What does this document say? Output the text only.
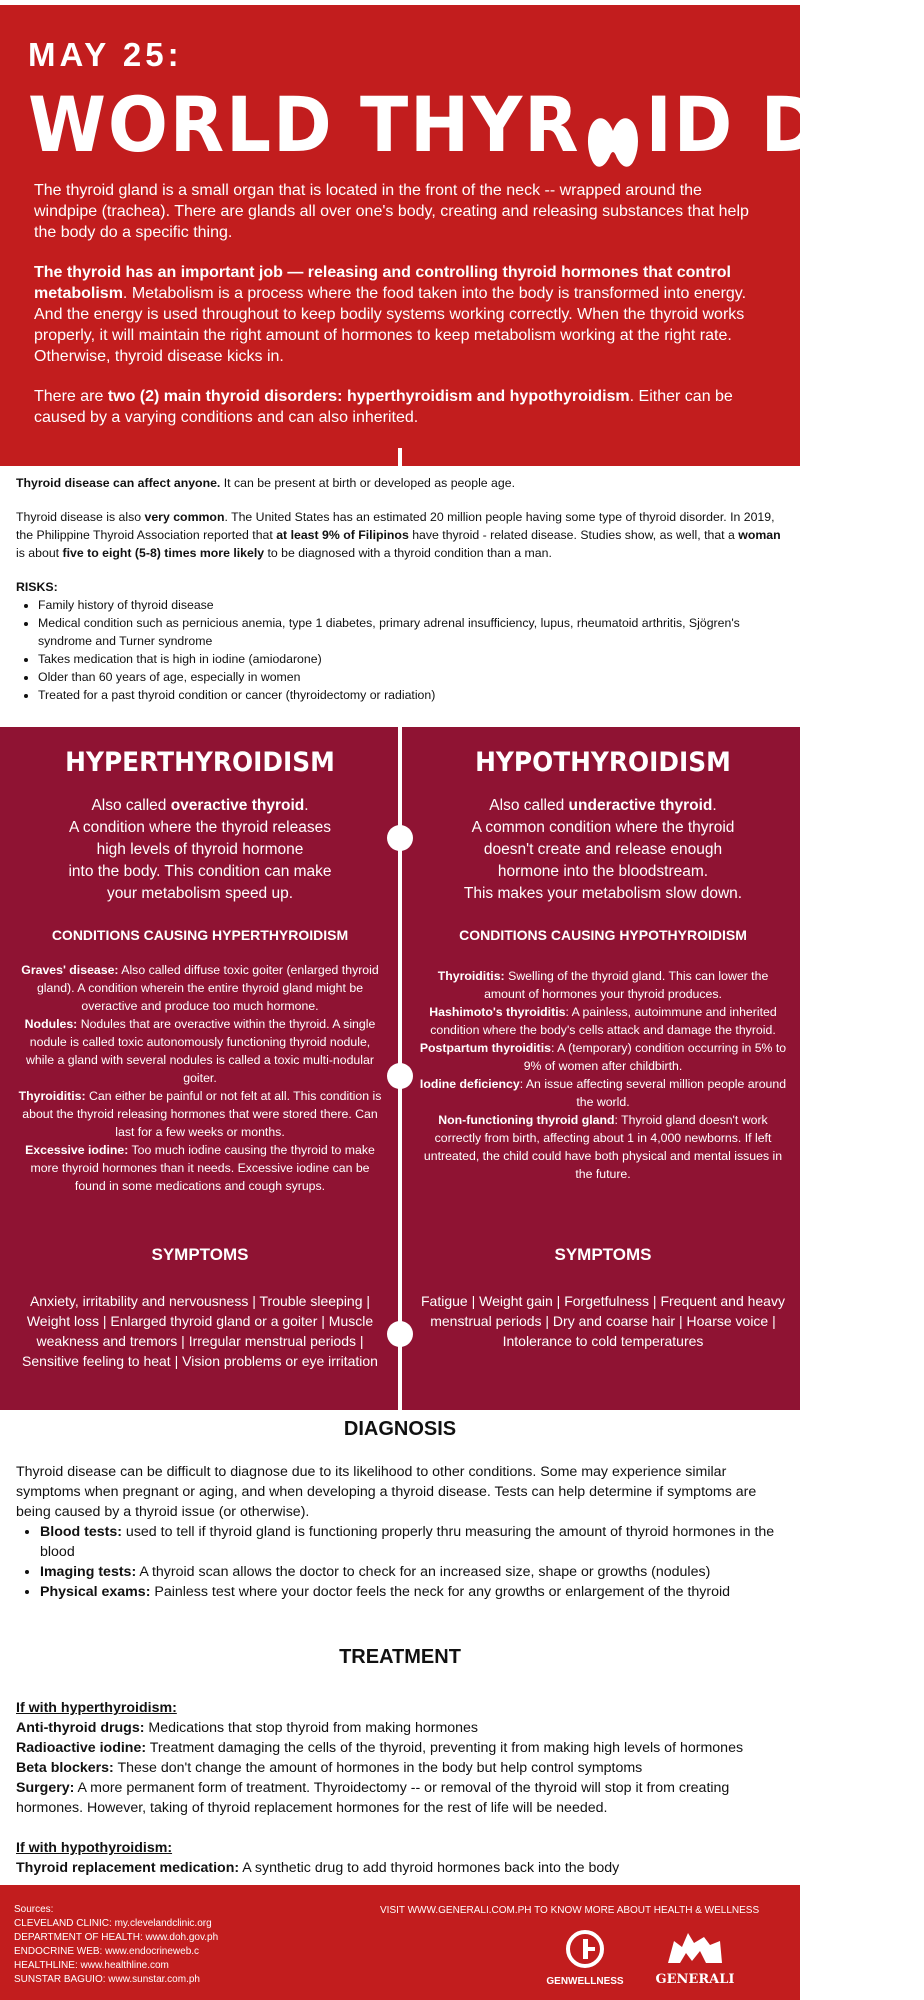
MAY 25:
WORLD THYR ID DAY

The thyroid gland is a small organ that is located in the front of the neck -- wrapped around the windpipe (trachea). There are glands all over one's body, creating and releasing substances that help the body do a specific thing.

The thyroid has an important job — releasing and controlling thyroid hormones that control metabolism. Metabolism is a process where the food taken into the body is transformed into energy. And the energy is used throughout to keep bodily systems working correctly. When the thyroid works properly, it will maintain the right amount of hormones to keep metabolism working at the right rate. Otherwise, thyroid disease kicks in.

There are two (2) main thyroid disorders: hyperthyroidism and hypothyroidism. Either can be caused by a varying conditions and can also inherited.

Thyroid disease can affect anyone. It can be present at birth or developed as people age.

Thyroid disease is also very common. The United States has an estimated 20 million people having some type of thyroid disorder. In 2019, the Philippine Thyroid Association reported that at least 9% of Filipinos have thyroid - related disease. Studies show, as well, that a woman is about five to eight (5-8) times more likely to be diagnosed with a thyroid condition than a man.

RISKS:

• Family history of thyroid disease
• Medical condition such as pernicious anemia, type 1 diabetes, primary adrenal insufficiency, lupus, rheumatoid arthritis, Sjögren's syndrome and Turner syndrome
• Takes medication that is high in iodine (amiodarone)
• Older than 60 years of age, especially in women
• Treated for a past thyroid condition or cancer (thyroidectomy or radiation)
HYPERTHYROIDISM
Also called overactive thyroid.
A condition where the thyroid releases
high levels of thyroid hormone
into the body. This condition can make
your metabolism speed up.
CONDITIONS CAUSING HYPERTHYROIDISM

Graves' disease: Also called diffuse toxic goiter (enlarged thyroid gland). A condition wherein the entire thyroid gland might be overactive and produce too much hormone.

Nodules: Nodules that are overactive within the thyroid. A single nodule is called toxic autonomously functioning thyroid nodule, while a gland with several nodules is called a toxic multi-nodular goiter.

Thyroiditis: Can either be painful or not felt at all. This condition is about the thyroid releasing hormones that were stored there. Can last for a few weeks or months.

Excessive iodine: Too much iodine causing the thyroid to make more thyroid hormones than it needs. Excessive iodine can be found in some medications and cough syrups.

SYMPTOMS
Anxiety, irritability and nervousness | Trouble sleeping | Weight loss | Enlarged thyroid gland or a goiter | Muscle weakness and tremors | Irregular menstrual periods | Sensitive feeling to heat | Vision problems or eye irritation
HYPOTHYROIDISM
Also called underactive thyroid.
A common condition where the thyroid
doesn't create and release enough
hormone into the bloodstream.
This makes your metabolism slow down.
CONDITIONS CAUSING HYPOTHYROIDISM

Thyroiditis: Swelling of the thyroid gland. This can lower the amount of hormones your thyroid produces.

Hashimoto's thyroiditis: A painless, autoimmune and inherited condition where the body's cells attack and damage the thyroid.

Postpartum thyroiditis: A (temporary) condition occurring in 5% to 9% of women after childbirth.

Iodine deficiency: An issue affecting several million people around the world.

Non-functioning thyroid gland: Thyroid gland doesn't work correctly from birth, affecting about 1 in 4,000 newborns. If left untreated, the child could have both physical and mental issues in the future.

SYMPTOMS
Fatigue | Weight gain | Forgetfulness | Frequent and heavy menstrual periods | Dry and coarse hair | Hoarse voice | Intolerance to cold temperatures
DIAGNOSIS

Thyroid disease can be difficult to diagnose due to its likelihood to other conditions. Some may experience similar symptoms when pregnant or aging, and when developing a thyroid disease. Tests can help determine if symptoms are being caused by a thyroid issue (or otherwise).

• Blood tests: used to tell if thyroid gland is functioning properly thru measuring the amount of thyroid hormones in the blood
• Imaging tests: A thyroid scan allows the doctor to check for an increased size, shape or growths (nodules)
• Physical exams: Painless test where your doctor feels the neck for any growths or enlargement of the thyroid
TREATMENT

If with hyperthyroidism:

Anti-thyroid drugs: Medications that stop thyroid from making hormones

Radioactive iodine: Treatment damaging the cells of the thyroid, preventing it from making high levels of hormones

Beta blockers: These don't change the amount of hormones in the body but help control symptoms

Surgery: A more permanent form of treatment. Thyroidectomy -- or removal of the thyroid will stop it from creating hormones. However, taking of thyroid replacement hormones for the rest of life will be needed.

If with hypothyroidism:

Thyroid replacement medication: A synthetic drug to add thyroid hormones back into the body

Sources:
CLEVELAND CLINIC: my.clevelandclinic.org
DEPARTMENT OF HEALTH: www.doh.gov.ph
ENDOCRINE WEB: www.endocrineweb.c
HEALTHLINE: www.healthline.com
SUNSTAR BAGUIO: www.sunstar.com.ph
VISIT WWW.GENERALI.COM.PH TO KNOW MORE ABOUT HEALTH & WELLNESS
GENWELLNESS	GENERALI
